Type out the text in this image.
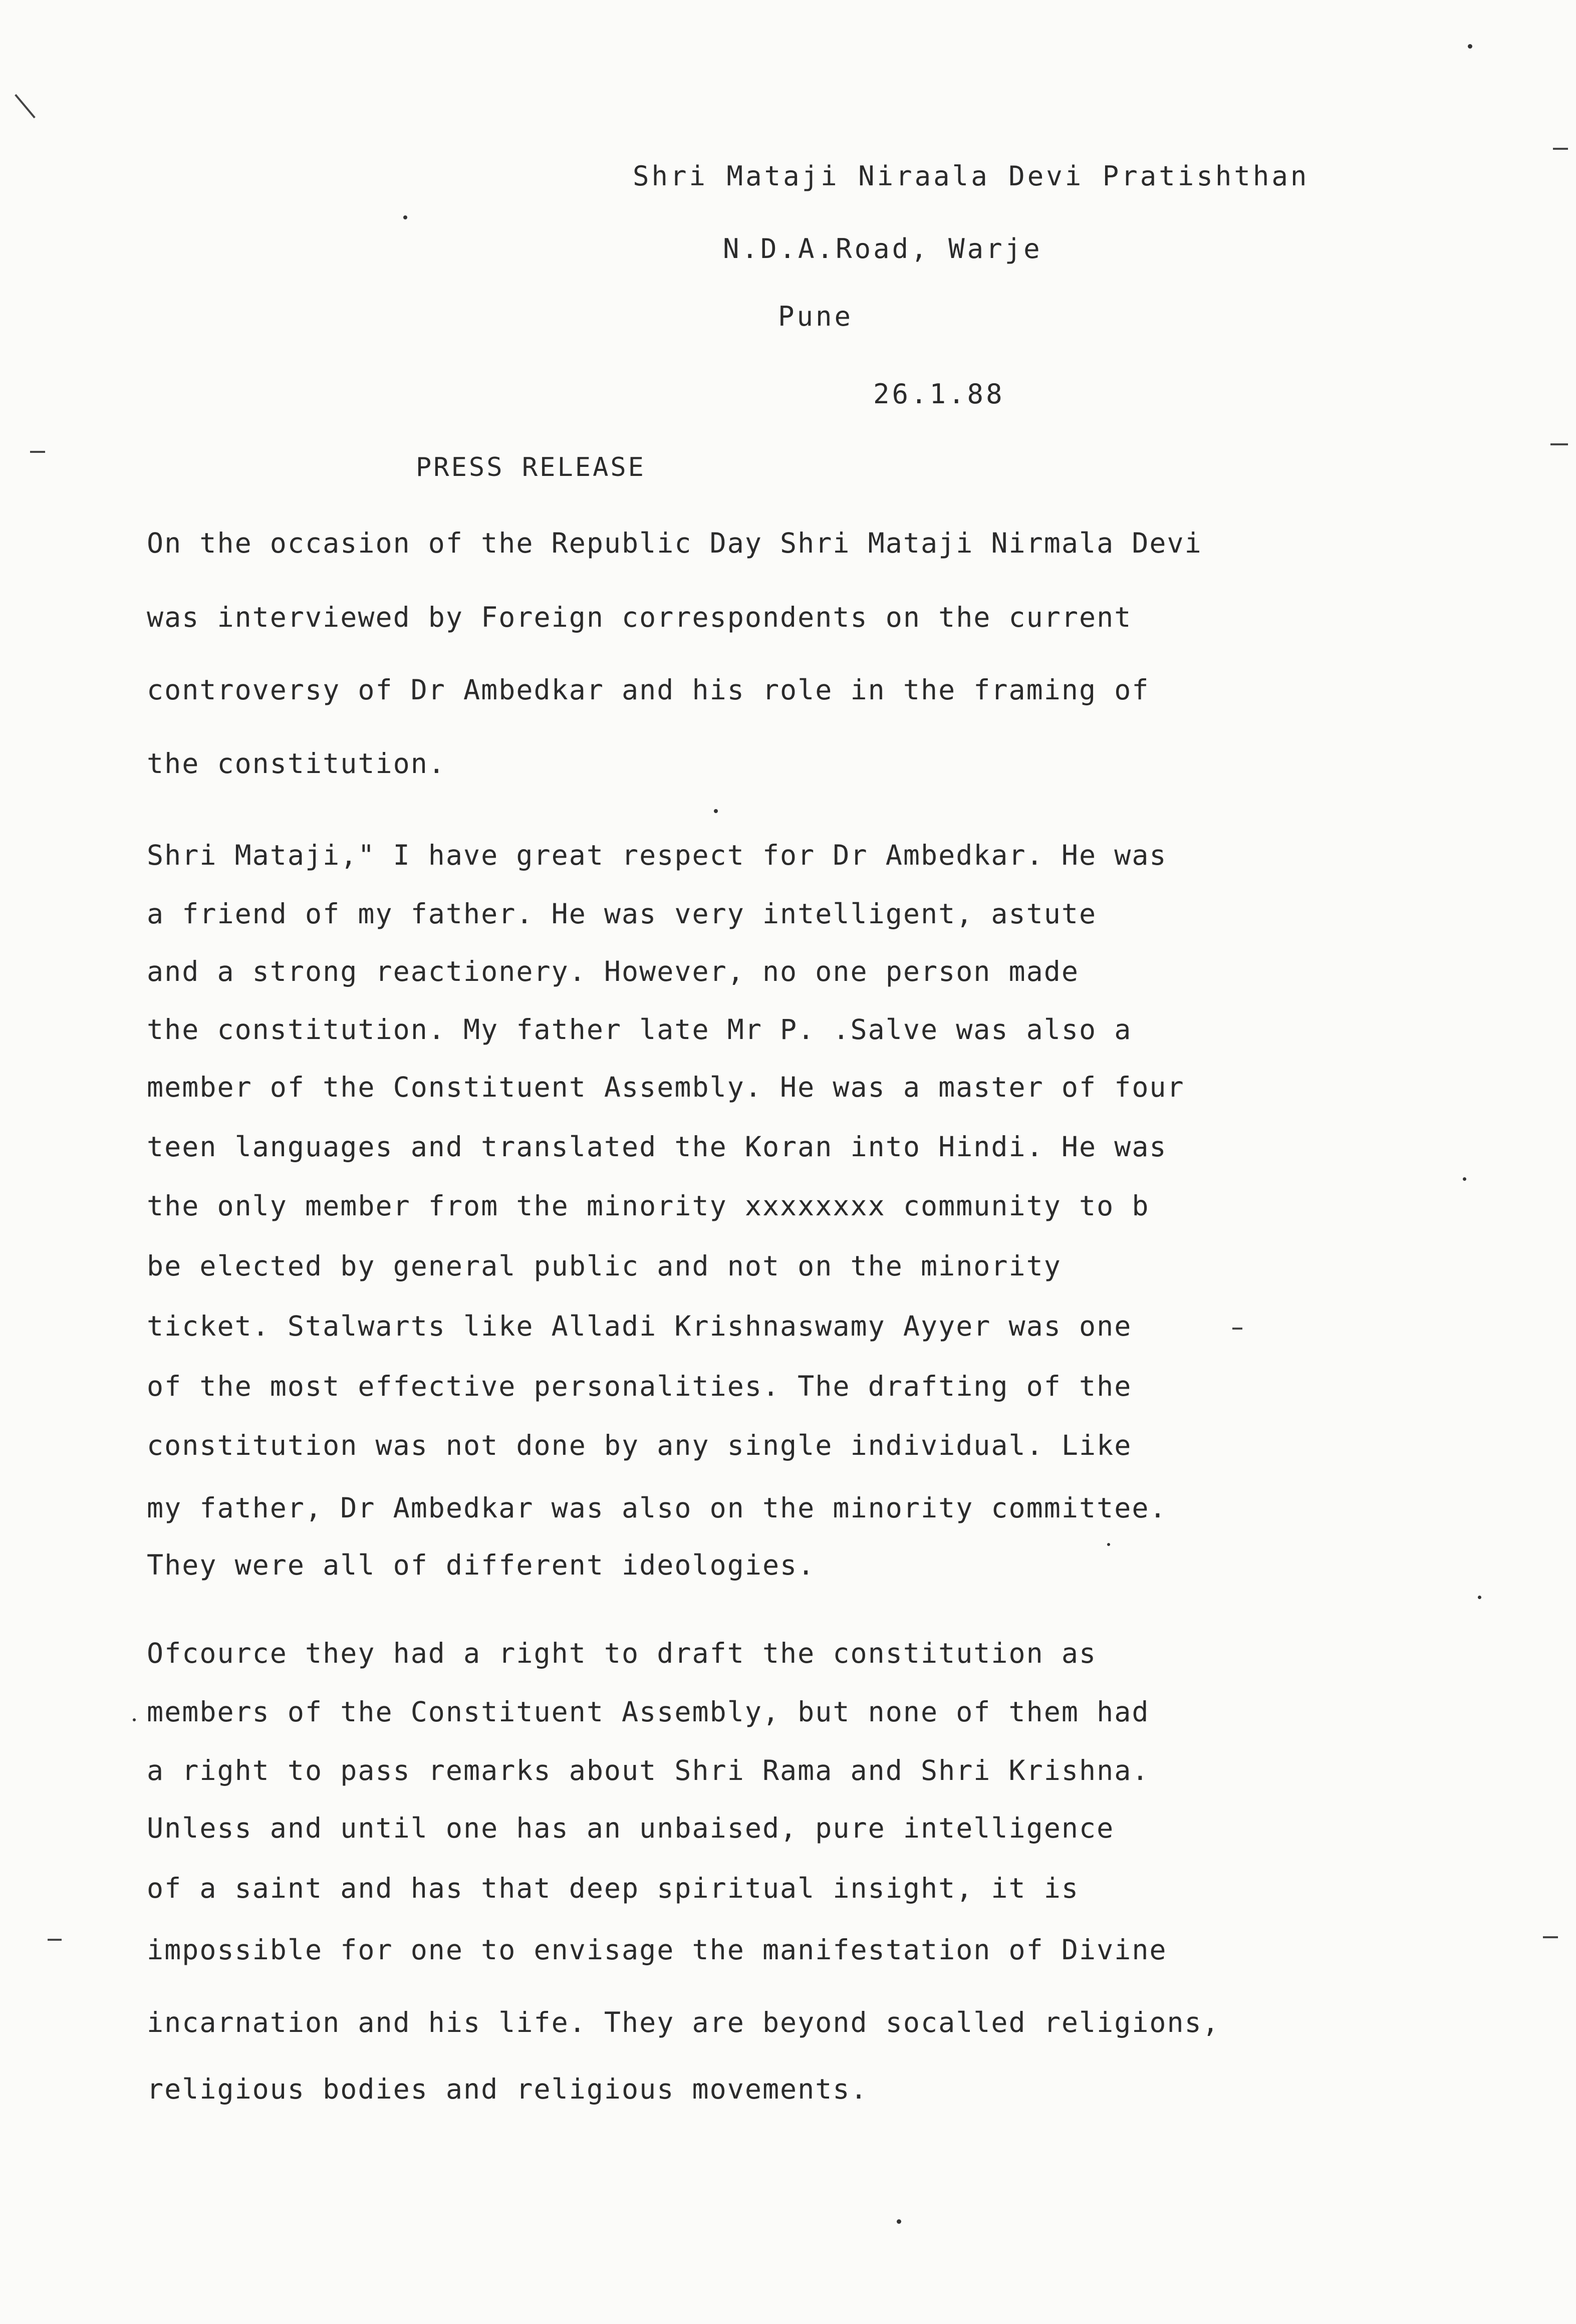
Shri Mataji Niraala Devi Pratishthan
N.D.A.Road, Warje
Pune
26.1.88
PRESS RELEASE
On the occasion of the Republic Day Shri Mataji Nirmala Devi
was interviewed by Foreign correspondents on the current
controversy of Dr Ambedkar and his role in the framing of
the constitution.
Shri Mataji," I have great respect for Dr Ambedkar. He was
a friend of my father. He was very intelligent, astute
and a strong reactionery. However, no one person made
the constitution. My father late Mr P. .Salve was also a
member of the Constituent Assembly. He was a master of four
teen languages and translated the Koran into Hindi. He was
the only member from the minority xxxxxxxx community to b
be elected by general public and not on the minority
ticket. Stalwarts like Alladi Krishnaswamy Ayyer was one
of the most effective personalities. The drafting of the
constitution was not done by any single individual. Like
my father, Dr Ambedkar was also on the minority committee.
They were all of different ideologies.
Ofcource they had a right to draft the constitution as
members of the Constituent Assembly, but none of them had
a right to pass remarks about Shri Rama and Shri Krishna.
Unless and until one has an unbaised, pure intelligence
of a saint and has that deep spiritual insight, it is
impossible for one to envisage the manifestation of Divine
incarnation and his life. They are beyond socalled religions,
religious bodies and religious movements.
